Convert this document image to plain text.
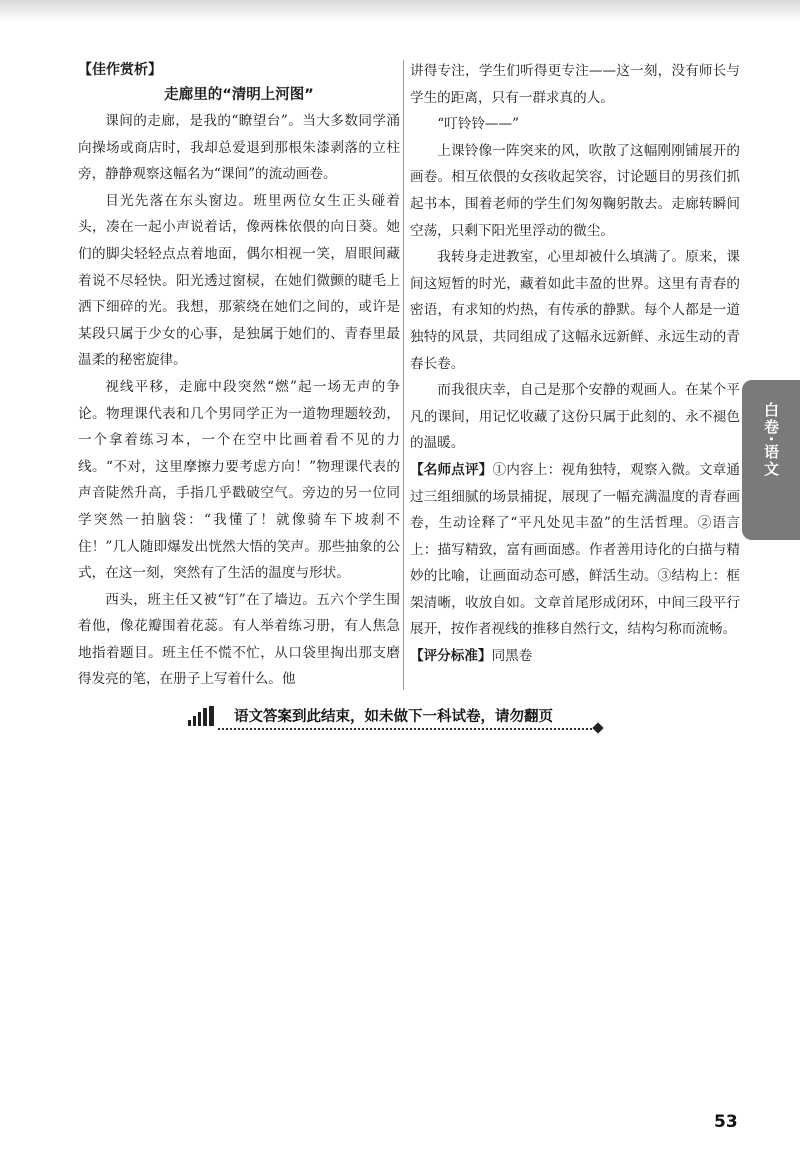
【佳作赏析】
走廊里的“清明上河图”

课间的走廊，是我的“瞭望台”。当大多数同学涌向操场或商店时，我却总爱退到那根朱漆剥落的立柱旁，静静观察这幅名为“课间”的流动画卷。

目光先落在东头窗边。班里两位女生正头碰着头，凑在一起小声说着话，像两株依偎的向日葵。她们的脚尖轻轻点点着地面，偶尔相视一笑，眉眼间藏着说不尽轻快。阳光透过窗棂，在她们微颤的睫毛上洒下细碎的光。我想，那萦绕在她们之间的，或许是某段只属于少女的心事，是独属于她们的、青春里最温柔的秘密旋律。

视线平移，走廊中段突然“燃”起一场无声的争论。物理课代表和几个男同学正为一道物理题较劲，一个拿着练习本，一个在空中比画着看不见的力线。“不对，这里摩擦力要考虑方向！”物理课代表的声音陡然升高，手指几乎戳破空气。旁边的另一位同学突然一拍脑袋：“我懂了！就像骑车下坡刹不住！”几人随即爆发出恍然大悟的笑声。那些抽象的公式，在这一刻，突然有了生活的温度与形状。

西头，班主任又被“钉”在了墙边。五六个学生围着他，像花瓣围着花蕊。有人举着练习册，有人焦急地指着题目。班主任不慌不忙，从口袋里掏出那支磨得发亮的笔，在册子上写着什么。他

讲得专注，学生们听得更专注——这一刻，没有师长与学生的距离，只有一群求真的人。

“叮铃铃——”

上课铃像一阵突来的风，吹散了这幅刚刚铺展开的画卷。相互依偎的女孩收起笑容，讨论题目的男孩们抓起书本，围着老师的学生们匆匆鞠躬散去。走廊转瞬间空荡，只剩下阳光里浮动的微尘。

我转身走进教室，心里却被什么填满了。原来，课间这短暂的时光，藏着如此丰盈的世界。这里有青春的密语，有求知的灼热，有传承的静默。每个人都是一道独特的风景，共同组成了这幅永远新鲜、永远生动的青春长卷。

而我很庆幸，自己是那个安静的观画人。在某个平凡的课间，用记忆收藏了这份只属于此刻的、永不褪色的温暖。

【名师点评】①内容上：视角独特，观察入微。文章通过三组细腻的场景捕捉，展现了一幅充满温度的青春画卷，生动诠释了“平凡处见丰盈”的生活哲理。②语言上：描写精致，富有画面感。作者善用诗化的白描与精妙的比喻，让画面动态可感，鲜活生动。③结构上：框架清晰，收放自如。文章首尾形成闭环，中间三段平行展开，按作者视线的推移自然行文，结构匀称而流畅。

【评分标准】同黑卷

白卷·语文
语文答案到此结束，如未做下一科试卷，请勿翻页
53
